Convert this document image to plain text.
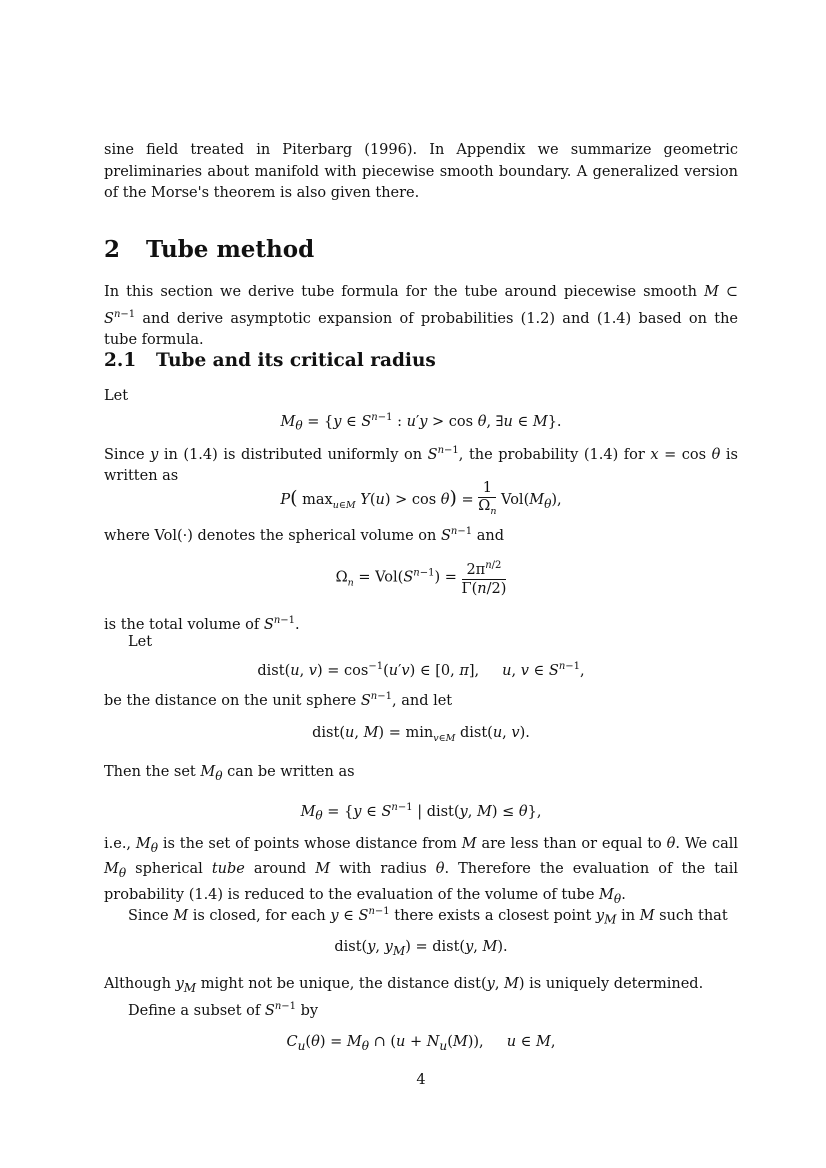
sine field treated in Piterbarg (1996). In Appendix we summarize geometric preliminaries about manifold with piecewise smooth boundary. A generalized version of the Morse's theorem is also given there.

2 Tube method

In this section we derive tube formula for the tube around piecewise smooth M ⊂ $S^{n-1}$ and derive asymptotic expansion of probabilities (1.2) and (1.4) based on the tube formula.

2.1 Tube and its critical radius

Let

$M_\theta = \{y$ ∈ $S^{n-1}$ : u′y > cos θ, ∃u ∈ M}.

Since y in (1.4) is distributed uniformly on $S^{n-1}$, the probability (1.4) for x = cos θ is written as

P( $\max_{u\in M} Y(u) > \cos \theta) = \frac{1}{\Omega_n} Vol(M_\theta)$,

where Vol(·) denotes the spherical volume on $S^{n-1}$ and

$\Omega_n = Vol(S^{n-1}) = \frac{2\pi^{n/2}}{\Gamma(n/2)}$

is the total volume of $S^{n-1}$.

Let

dist(u, $v) = \cos^{-1}(u'v)$ ∈ [0, π],     u, v ∈ $S^{n-1}$,

be the distance on the unit sphere $S^{n-1}$, and let

dist(u, $M) = \min_{v\in M}$ dist(u, v).

Then the set $M_\theta$ can be written as

$M_\theta = \{y$ ∈ $S^{n-1}$ | dist(y, M) ≤ θ},

i.e., $M_\theta$ is the set of points whose distance from M are less than or equal to θ. We call $M_\theta$ spherical tube around M with radius θ. Therefore the evaluation of the tail probability (1.4) is reduced to the evaluation of the volume of tube $M_\theta$.

Since M is closed, for each y ∈ $S^{n-1}$ there exists a closest point $y_M$ in M such that

dist(y, $y_M$) = dist(y, M).

Although $y_M$ might not be unique, the distance dist(y, M) is uniquely determined.

Define a subset of $S^{n-1}$ by

$C_u(\theta) = M_\theta$ ∩ $(u + N_u(M))$,     u ∈ M,
4
